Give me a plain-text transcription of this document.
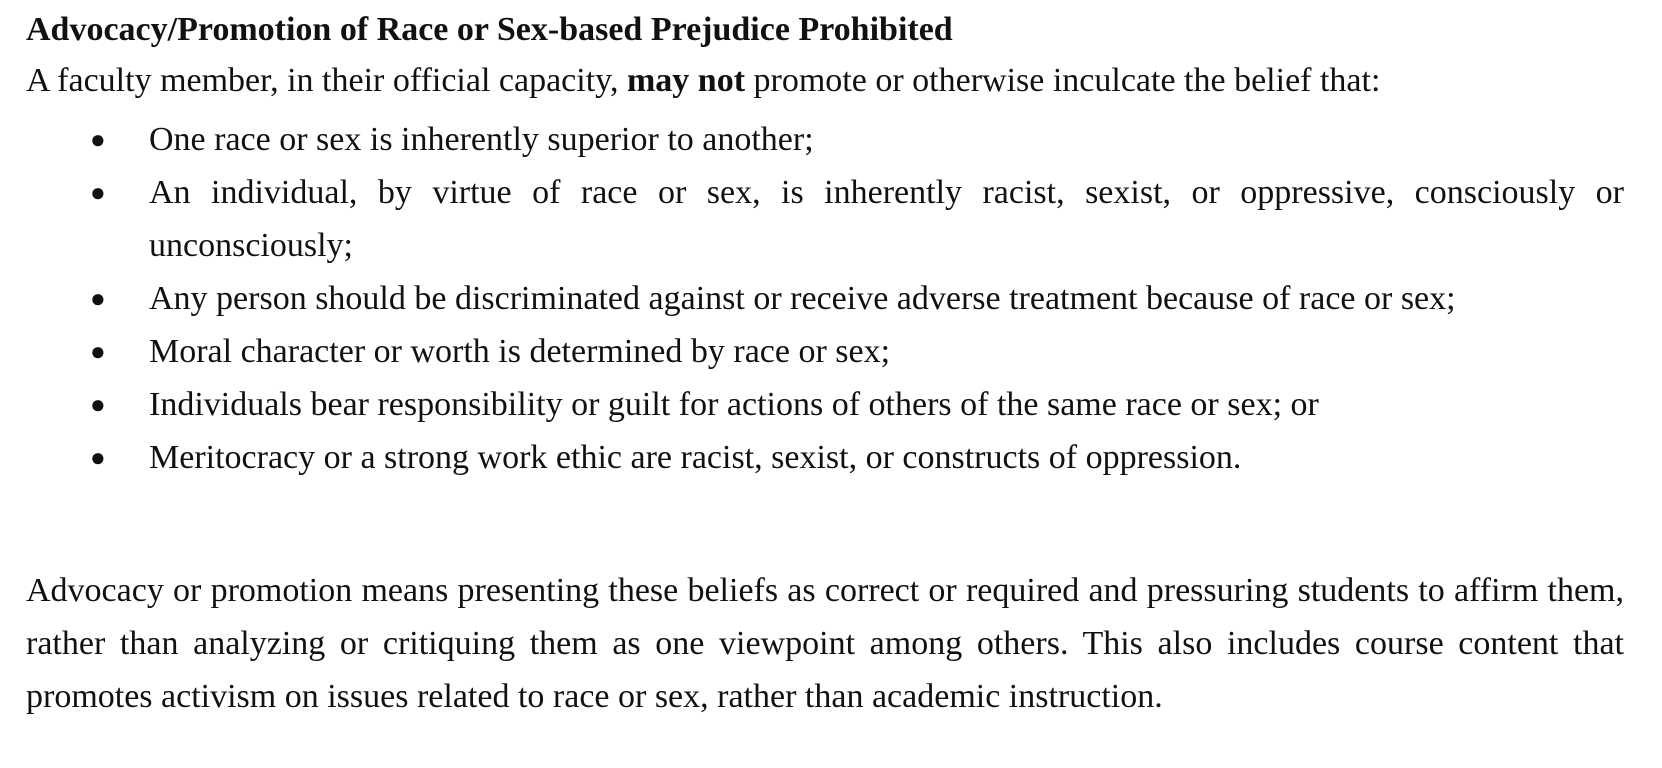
Advocacy/Promotion of Race or Sex-based Prejudice Prohibited

A faculty member, in their official capacity, may not promote or otherwise inculcate the belief that:

● One race or sex is inherently superior to another;
● An individual, by virtue of race or sex, is inherently racist, sexist, or oppressive, consciously or unconsciously;
● Any person should be discriminated against or receive adverse treatment because of race or sex;
● Moral character or worth is determined by race or sex;
● Individuals bear responsibility or guilt for actions of others of the same race or sex; or
● Meritocracy or a strong work ethic are racist, sexist, or constructs of oppression.

Advocacy or promotion means presenting these beliefs as correct or required and pressuring students to affirm them, rather than analyzing or critiquing them as one viewpoint among others. This also includes course content that promotes activism on issues related to race or sex, rather than academic instruction.
